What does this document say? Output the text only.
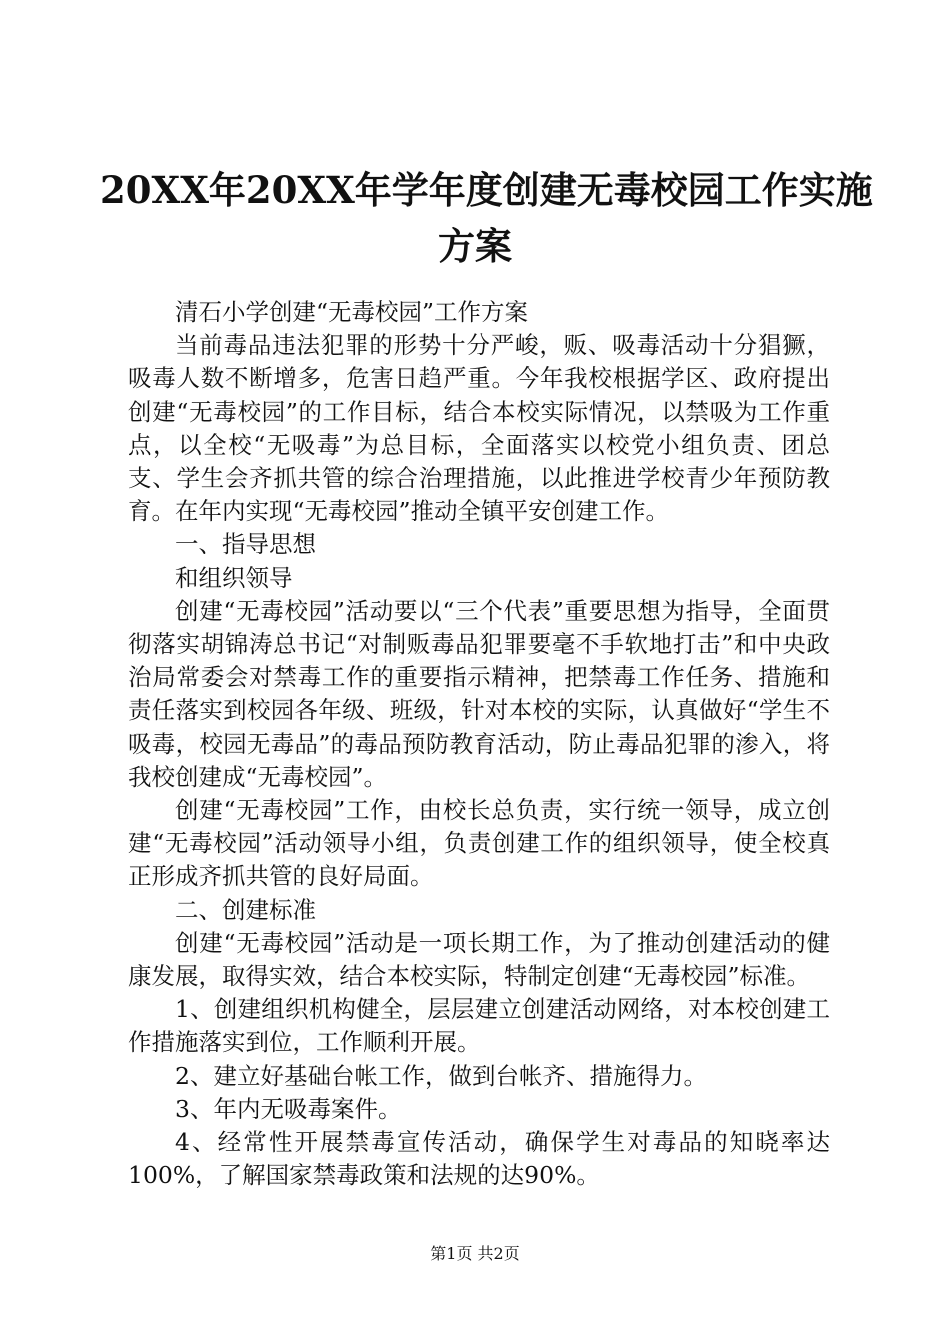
20XX年20XX年学年度创建无毒校园工作实施
方案

清石小学创建“无毒校园”工作方案

当前毒品违法犯罪的形势十分严峻，贩、吸毒活动十分猖獗，吸毒人数不断增多，危害日趋严重。今年我校根据学区、政府提出创建“无毒校园”的工作目标，结合本校实际情况，以禁吸为工作重点，以全校“无吸毒”为总目标，全面落实以校党小组负责、团总支、学生会齐抓共管的综合治理措施，以此推进学校青少年预防教育。在年内实现“无毒校园”推动全镇平安创建工作。

一、指导思想

和组织领导

创建“无毒校园”活动要以“三个代表”重要思想为指导，全面贯彻落实胡锦涛总书记“对制贩毒品犯罪要毫不手软地打击”和中央政治局常委会对禁毒工作的重要指示精神，把禁毒工作任务、措施和责任落实到校园各年级、班级，针对本校的实际，认真做好“学生不吸毒，校园无毒品”的毒品预防教育活动，防止毒品犯罪的渗入，将我校创建成“无毒校园”。

创建“无毒校园”工作，由校长总负责，实行统一领导，成立创建“无毒校园”活动领导小组，负责创建工作的组织领导，使全校真正形成齐抓共管的良好局面。

二、创建标准

创建“无毒校园”活动是一项长期工作，为了推动创建活动的健康发展，取得实效，结合本校实际，特制定创建“无毒校园”标准。

1、创建组织机构健全，层层建立创建活动网络，对本校创建工作措施落实到位，工作顺利开展。

2、建立好基础台帐工作，做到台帐齐、措施得力。

3、年内无吸毒案件。

4、经常性开展禁毒宣传活动，确保学生对毒品的知晓率达100%，了解国家禁毒政策和法规的达90%。

第1页 共2页
